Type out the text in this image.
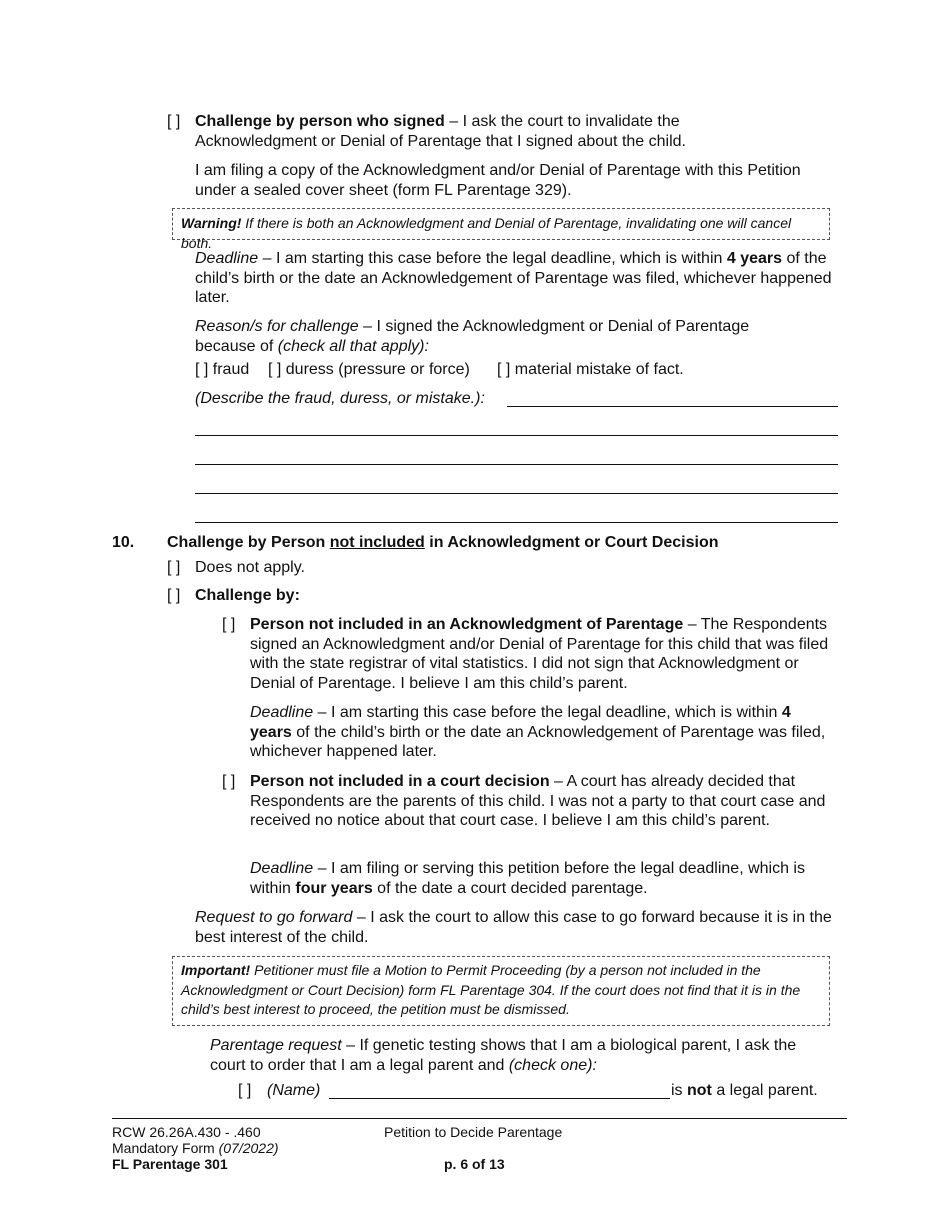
[ ] Challenge by person who signed – I ask the court to invalidate the Acknowledgment or Denial of Parentage that I signed about the child.

I am filing a copy of the Acknowledgment and/or Denial of Parentage with this Petition under a sealed cover sheet (form FL Parentage 329).

Warning! If there is both an Acknowledgment and Denial of Parentage, invalidating one will cancel both.

Deadline – I am starting this case before the legal deadline, which is within 4 years of the child’s birth or the date an Acknowledgement of Parentage was filed, whichever happened later.

Reason/s for challenge – I signed the Acknowledgment or Denial of Parentage because of (check all that apply):

[ ] fraud [ ] duress (pressure or force) [ ] material mistake of fact.
(Describe the fraud, duress, or mistake.):
10. Challenge by Person not included in Acknowledgment or Court Decision
[ ] Does not apply.
[ ] Challenge by:
[ ] Person not included in an Acknowledgment of Parentage – The Respondents signed an Acknowledgment and/or Denial of Parentage for this child that was filed with the state registrar of vital statistics. I did not sign that Acknowledgment or Denial of Parentage. I believe I am this child’s parent.

Deadline – I am starting this case before the legal deadline, which is within 4 years of the child’s birth or the date an Acknowledgement of Parentage was filed, whichever happened later.

[ ] Person not included in a court decision – A court has already decided that Respondents are the parents of this child. I was not a party to that court case and received no notice about that court case. I believe I am this child’s parent.

Deadline – I am filing or serving this petition before the legal deadline, which is within four years of the date a court decided parentage.

Request to go forward – I ask the court to allow this case to go forward because it is in the best interest of the child.

Important! Petitioner must file a Motion to Permit Proceeding (by a person not included in the Acknowledgment or Court Decision) form FL Parentage 304. If the court does not find that it is in the child’s best interest to proceed, the petition must be dismissed.

Parentage request – If genetic testing shows that I am a biological parent, I ask the court to order that I am a legal parent and (check one):

[ ] (Name)	is not a legal parent.
RCW 26.26A.430 - .460
Mandatory Form (07/2022)
FL Parentage 301
Petition to Decide Parentage
p. 6 of 13
